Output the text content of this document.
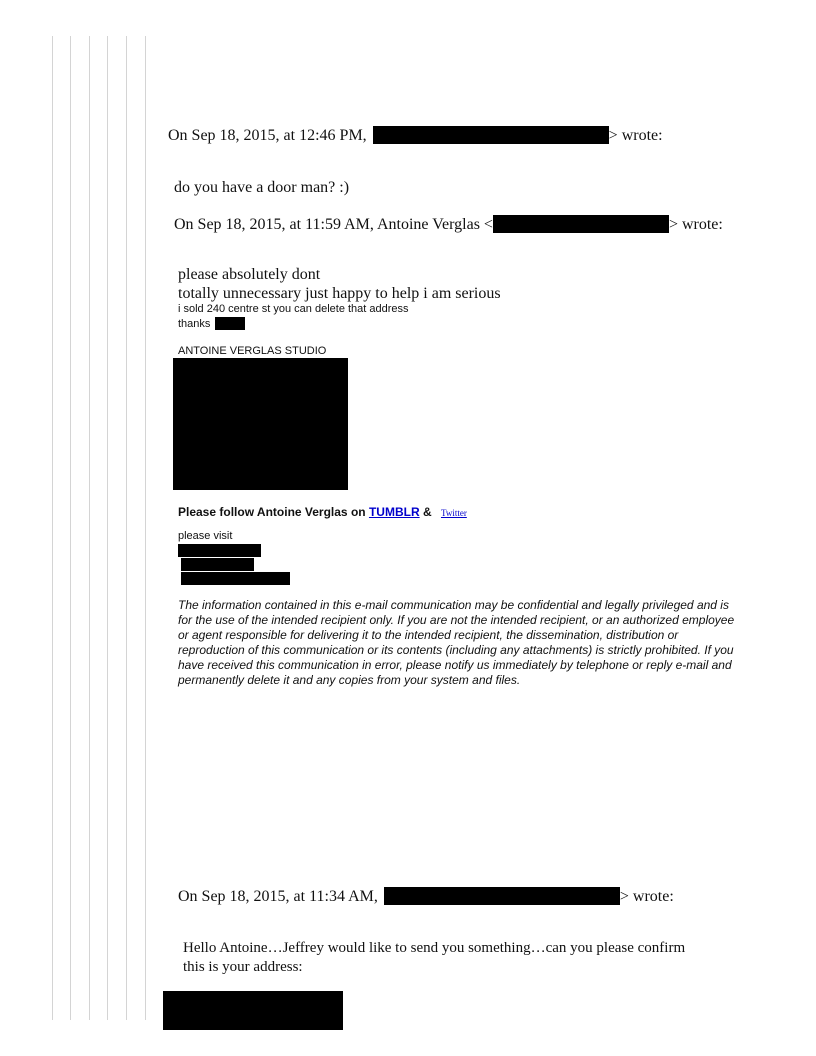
On Sep 18, 2015, at 12:46 PM,	> wrote:
do you have a door man? :)
On Sep 18, 2015, at 11:59 AM, Antoine Verglas <	> wrote:
please absolutely dont
totally unnecessary just happy to help i am serious
i sold 240 centre st you can delete that address
thanks
ANTOINE VERGLAS STUDIO
Please follow Antoine Verglas on TUMBLR & Twitter
please visit
The information contained in this e-mail communication may be confidential and legally privileged and is for the use of the intended recipient only. If you are not the intended recipient, or an authorized employee or agent responsible for delivering it to the intended recipient, the dissemination, distribution or reproduction of this communication or its contents (including any attachments) is strictly prohibited. If you have received this communication in error, please notify us immediately by telephone or reply e-mail and permanently delete it and any copies from your system and files.
On Sep 18, 2015, at 11:34 AM,	> wrote:
Hello Antoine…Jeffrey would like to send you something…can you please confirm this is your address:
